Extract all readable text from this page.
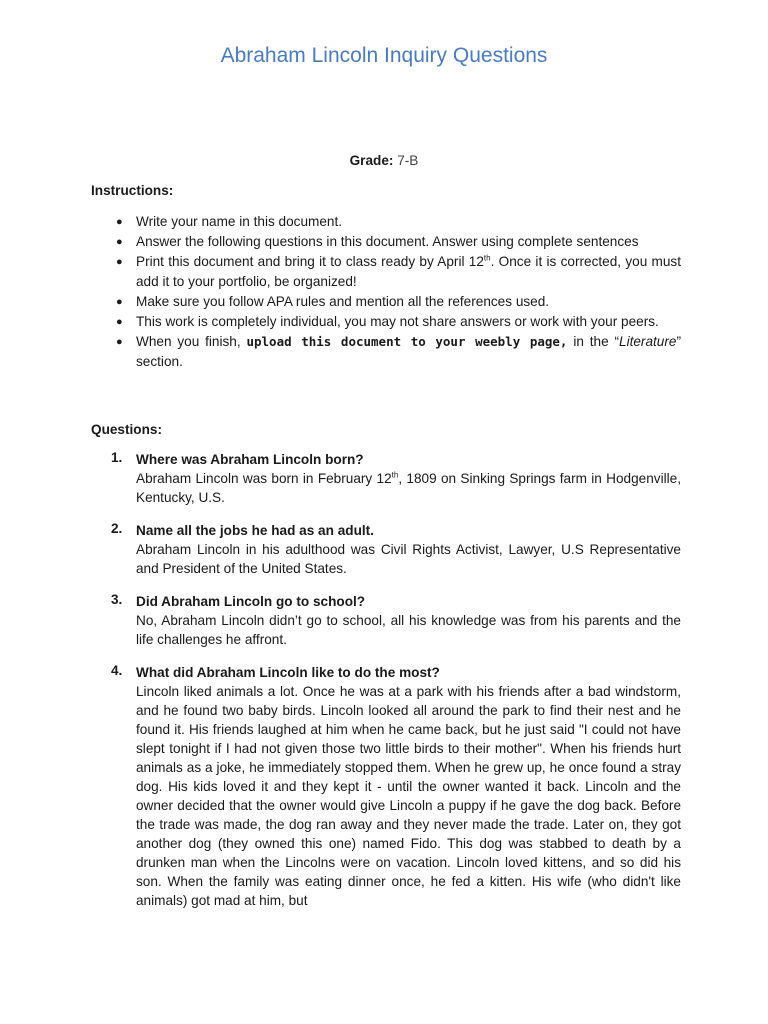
Abraham Lincoln Inquiry Questions
Grade: 7-B
Instructions:
● Write your name in this document.
● Answer the following questions in this document. Answer using complete sentences
● Print this document and bring it to class ready by April 12th. Once it is corrected, you must add it to your portfolio, be organized!
● Make sure you follow APA rules and mention all the references used.
● This work is completely individual, you may not share answers or work with your peers.
● When you finish, upload this document to your weebly page, in the “Literature” section.
Questions:
1. Where was Abraham Lincoln born?
Abraham Lincoln was born in February 12th, 1809 on Sinking Springs farm in Hodgenville, Kentucky, U.S.
2. Name all the jobs he had as an adult.
Abraham Lincoln in his adulthood was Civil Rights Activist, Lawyer, U.S Representative and President of the United States.
3. Did Abraham Lincoln go to school?
No, Abraham Lincoln didn’t go to school, all his knowledge was from his parents and the life challenges he affront.
4. What did Abraham Lincoln like to do the most?
Lincoln liked animals a lot. Once he was at a park with his friends after a bad windstorm, and he found two baby birds. Lincoln looked all around the park to find their nest and he found it. His friends laughed at him when he came back, but he just said "I could not have slept tonight if I had not given those two little birds to their mother". When his friends hurt animals as a joke, he immediately stopped them. When he grew up, he once found a stray dog. His kids loved it and they kept it - until the owner wanted it back. Lincoln and the owner decided that the owner would give Lincoln a puppy if he gave the dog back. Before the trade was made, the dog ran away and they never made the trade. Later on, they got another dog (they owned this one) named Fido. This dog was stabbed to death by a drunken man when the Lincolns were on vacation. Lincoln loved kittens, and so did his son. When the family was eating dinner once, he fed a kitten. His wife (who didn't like animals) got mad at him, but
